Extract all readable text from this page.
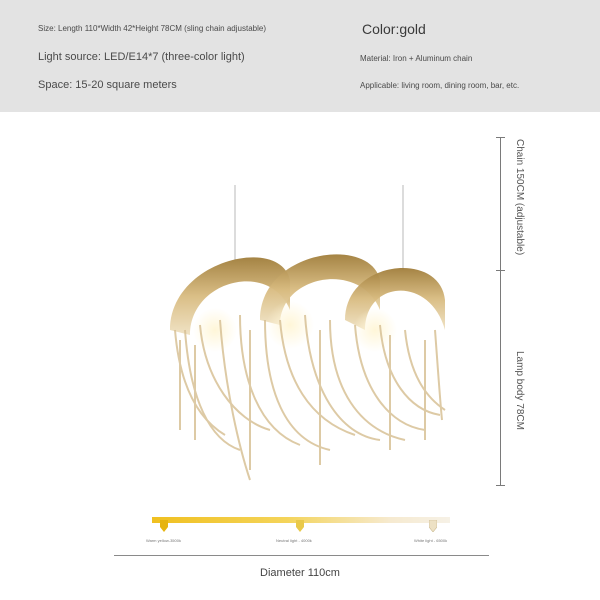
Size: Length 110*Width 42*Height 78CM (sling chain adjustable)	Color:gold
Light source: LED/E14*7 (three-color light)	Material: Iron + Aluminum chain
Space: 15-20 square meters	Applicable: living room, dining room, bar, etc.
Chain 150CM (adjustable)
Lamp body 78CM
Warm yellow-3500k	Neutral light - 4000k	White light - 6500k
Diameter 110cm
